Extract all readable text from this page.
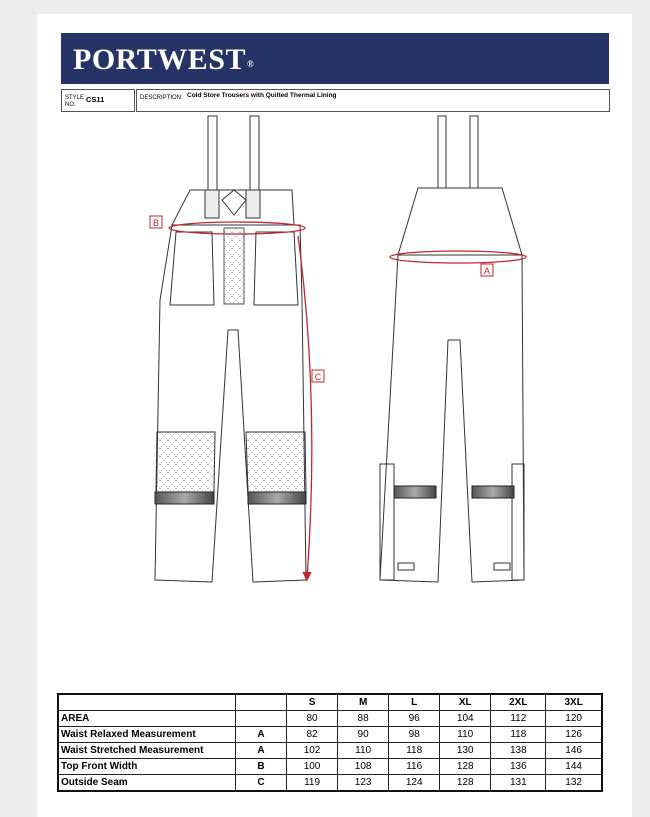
PORTWEST®
STYLE
NO:
CS11	DESCRIPTION: Cold Store Trousers with Quilted Thermal Lining
B
C
A
		S	M	L	XL	2XL	3XL
AREA		80	88	96	104	112	120
Waist Relaxed Measurement	A	82	90	98	110	118	126
Waist Stretched Measurement	A	102	110	118	130	138	146
Top Front Width	B	100	108	116	128	136	144
Outside Seam	C	119	123	124	128	131	132
